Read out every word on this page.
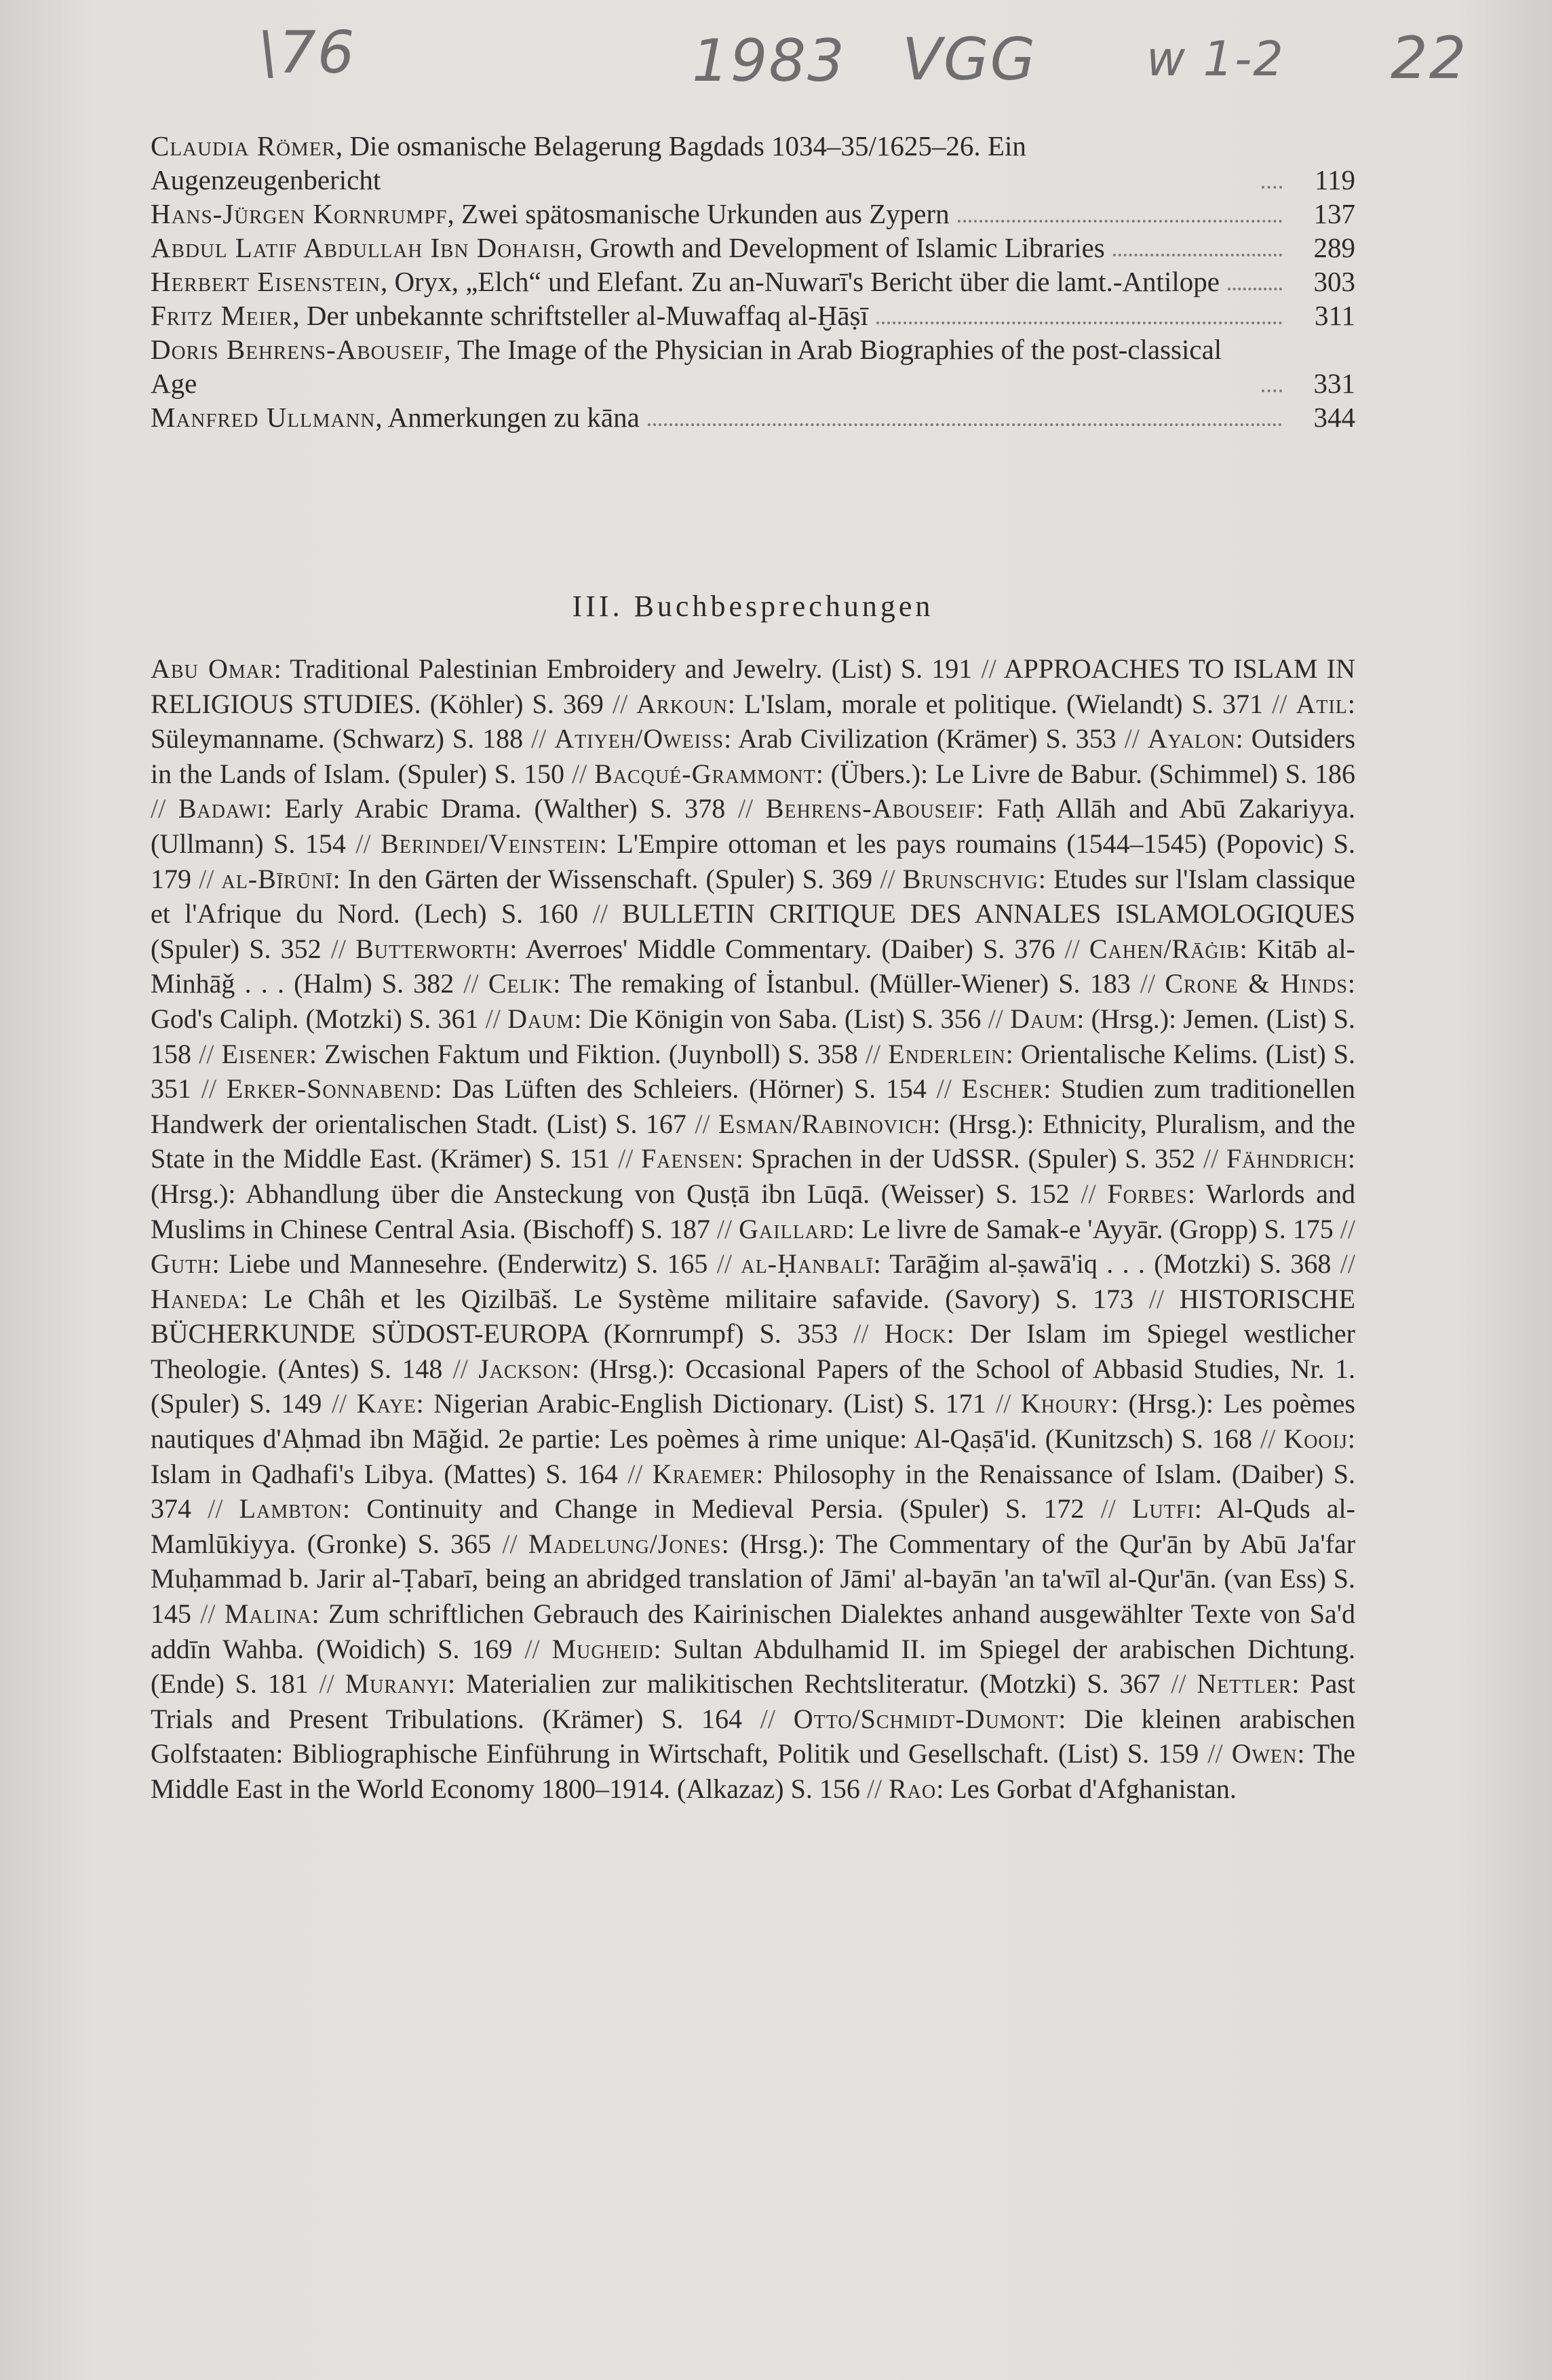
\76	1983 VGG w 1-2 22
Claudia Römer, Die osmanische Belagerung Bagdads 1034–35/1625–26. Ein Augenzeugenbericht	119
Hans-Jürgen Kornrumpf, Zwei spätosmanische Urkunden aus Zypern	137
Abdul Latif Abdullah Ibn Dohaish, Growth and Development of Islamic Libraries	289
Herbert Eisenstein, Oryx, „Elch“ und Elefant. Zu an-Nuwarī's Bericht über die lamt.-Antilope	303
Fritz Meier, Der unbekannte schriftsteller al-Muwaffaq al-Ḫāṣī	311
Doris Behrens-Abouseif, The Image of the Physician in Arab Biographies of the post-classical Age	331
Manfred Ullmann, Anmerkungen zu kāna	344
III. Buchbesprechungen
Abu Omar: Traditional Palestinian Embroidery and Jewelry. (List) S. 191 // APPROACHES TO ISLAM IN RELIGIOUS STUDIES. (Köhler) S. 369 // Arkoun: L'Islam, morale et politique. (Wielandt) S. 371 // Atil: Süleymanname. (Schwarz) S. 188 // Atiyeh/Oweiss: Arab Civilization (Krämer) S. 353 // Ayalon: Outsiders in the Lands of Islam. (Spuler) S. 150 // Bacqué-Grammont: (Übers.): Le Livre de Babur. (Schimmel) S. 186 // Badawi: Early Arabic Drama. (Walther) S. 378 // Behrens-Abouseif: Fatḥ Allāh and Abū Zakariyya. (Ullmann) S. 154 // Berindei/Veinstein: L'Empire ottoman et les pays roumains (1544–1545) (Popovic) S. 179 // al-Bīrūnī: In den Gärten der Wissenschaft. (Spuler) S. 369 // Brunschvig: Etudes sur l'Islam classique et l'Afrique du Nord. (Lech) S. 160 // BULLETIN CRITIQUE DES ANNALES ISLAMOLOGIQUES (Spuler) S. 352 // Butterworth: Averroes' Middle Commentary. (Daiber) S. 376 // Cahen/Rāġib: Kitāb al-Minhāǧ . . . (Halm) S. 382 // Celik: The remaking of İstanbul. (Müller-Wiener) S. 183 // Crone & Hinds: God's Caliph. (Motzki) S. 361 // Daum: Die Königin von Saba. (List) S. 356 // Daum: (Hrsg.): Jemen. (List) S. 158 // Eisener: Zwischen Faktum und Fiktion. (Juynboll) S. 358 // Enderlein: Orientalische Kelims. (List) S. 351 // Erker-Sonnabend: Das Lüften des Schleiers. (Hörner) S. 154 // Escher: Studien zum traditionellen Handwerk der orientalischen Stadt. (List) S. 167 // Esman/Rabinovich: (Hrsg.): Ethnicity, Pluralism, and the State in the Middle East. (Krämer) S. 151 // Faensen: Sprachen in der UdSSR. (Spuler) S. 352 // Fähndrich: (Hrsg.): Abhandlung über die Ansteckung von Qusṭā ibn Lūqā. (Weisser) S. 152 // Forbes: Warlords and Muslims in Chinese Central Asia. (Bischoff) S. 187 // Gaillard: Le livre de Samak-e 'Ayyār. (Gropp) S. 175 // Guth: Liebe und Mannesehre. (Enderwitz) S. 165 // al-Ḥanbalī: Tarāǧim al-ṣawā'iq . . . (Motzki) S. 368 // Haneda: Le Châh et les Qizilbāš. Le Système militaire safavide. (Savory) S. 173 // HISTORISCHE BÜCHERKUNDE SÜDOST-EUROPA (Kornrumpf) S. 353 // Hock: Der Islam im Spiegel westlicher Theologie. (Antes) S. 148 // Jackson: (Hrsg.): Occasional Papers of the School of Abbasid Studies, Nr. 1. (Spuler) S. 149 // Kaye: Nigerian Arabic-English Dictionary. (List) S. 171 // Khoury: (Hrsg.): Les poèmes nautiques d'Aḥmad ibn Māǧid. 2e partie: Les poèmes à rime unique: Al-Qaṣā'id. (Kunitzsch) S. 168 // Kooij: Islam in Qadhafi's Libya. (Mattes) S. 164 // Kraemer: Philosophy in the Renaissance of Islam. (Daiber) S. 374 // Lambton: Continuity and Change in Medieval Persia. (Spuler) S. 172 // Lutfi: Al-Quds al-Mamlūkiyya. (Gronke) S. 365 // Madelung/Jones: (Hrsg.): The Commentary of the Qur'ān by Abū Ja'far Muḥammad b. Jarir al-Ṭabarī, being an abridged translation of Jāmi' al-bayān 'an ta'wīl al-Qur'ān. (van Ess) S. 145 // Malina: Zum schriftlichen Gebrauch des Kairinischen Dialektes anhand ausgewählter Texte von Sa'd addīn Wahba. (Woidich) S. 169 // Mugheid: Sultan Abdulhamid II. im Spiegel der arabischen Dichtung. (Ende) S. 181 // Muranyi: Materialien zur malikitischen Rechtsliteratur. (Motzki) S. 367 // Nettler: Past Trials and Present Tribulations. (Krämer) S. 164 // Otto/Schmidt-Dumont: Die kleinen arabischen Golfstaaten: Bibliographische Einführung in Wirtschaft, Politik und Gesellschaft. (List) S. 159 // Owen: The Middle East in the World Economy 1800–1914. (Alkazaz) S. 156 // Rao: Les Gorbat d'Afghanistan.
